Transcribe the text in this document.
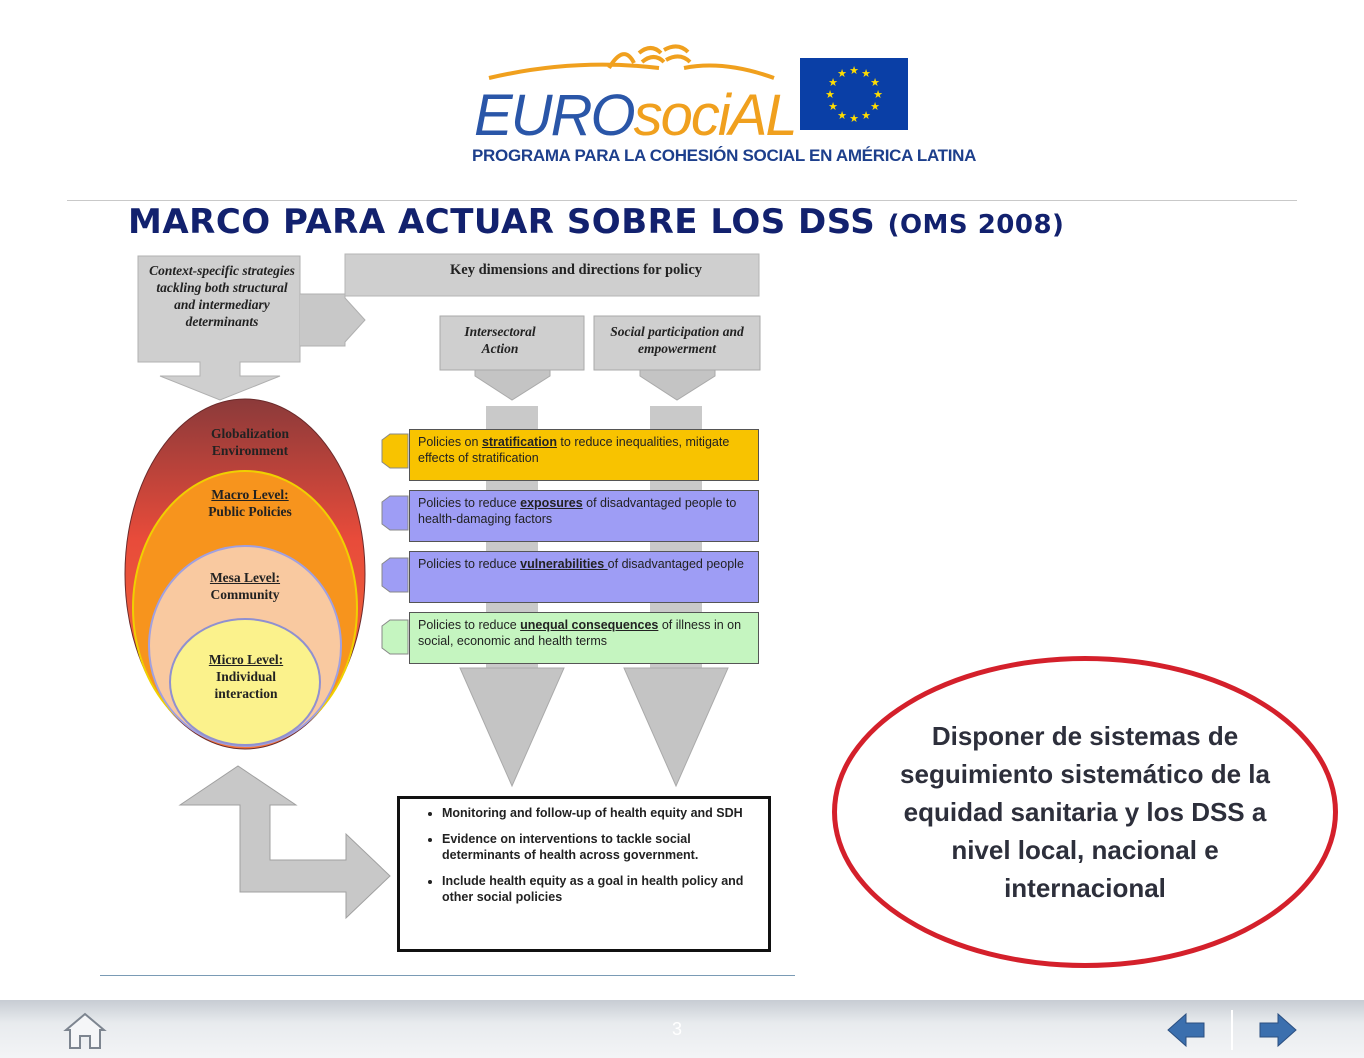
EUROsociAL
PROGRAMA PARA LA COHESIÓN SOCIAL EN AMÉRICA LATINA
★ ★
★
★
★
★
★
★
★
★
★
★
MARCO PARA ACTUAR SOBRE LOS DSS (OMS 2008)
Context-specific strategies tackling both structural and intermediary determinants
Key dimensions and directions for policy
Intersectoral Action
Social participation and empowerment
Globalization Environment
Macro Level:
Public Policies
Mesa Level:
Community
Micro Level:
Individual interaction
Policies on stratification to reduce inequalities, mitigate effects of stratification
Policies to reduce exposures of disadvantaged people to health-damaging factors
Policies to reduce vulnerabilities of disadvantaged people
Policies to reduce unequal consequences of illness in on social, economic and health terms
• Monitoring and follow-up of health equity and SDH
• Evidence on interventions to tackle social determinants of health across government.
• Include health equity as a goal in health policy and other social policies
Disponer de sistemas de seguimiento sistemático de la equidad sanitaria y los DSS a nivel local, nacional e internacional
3
